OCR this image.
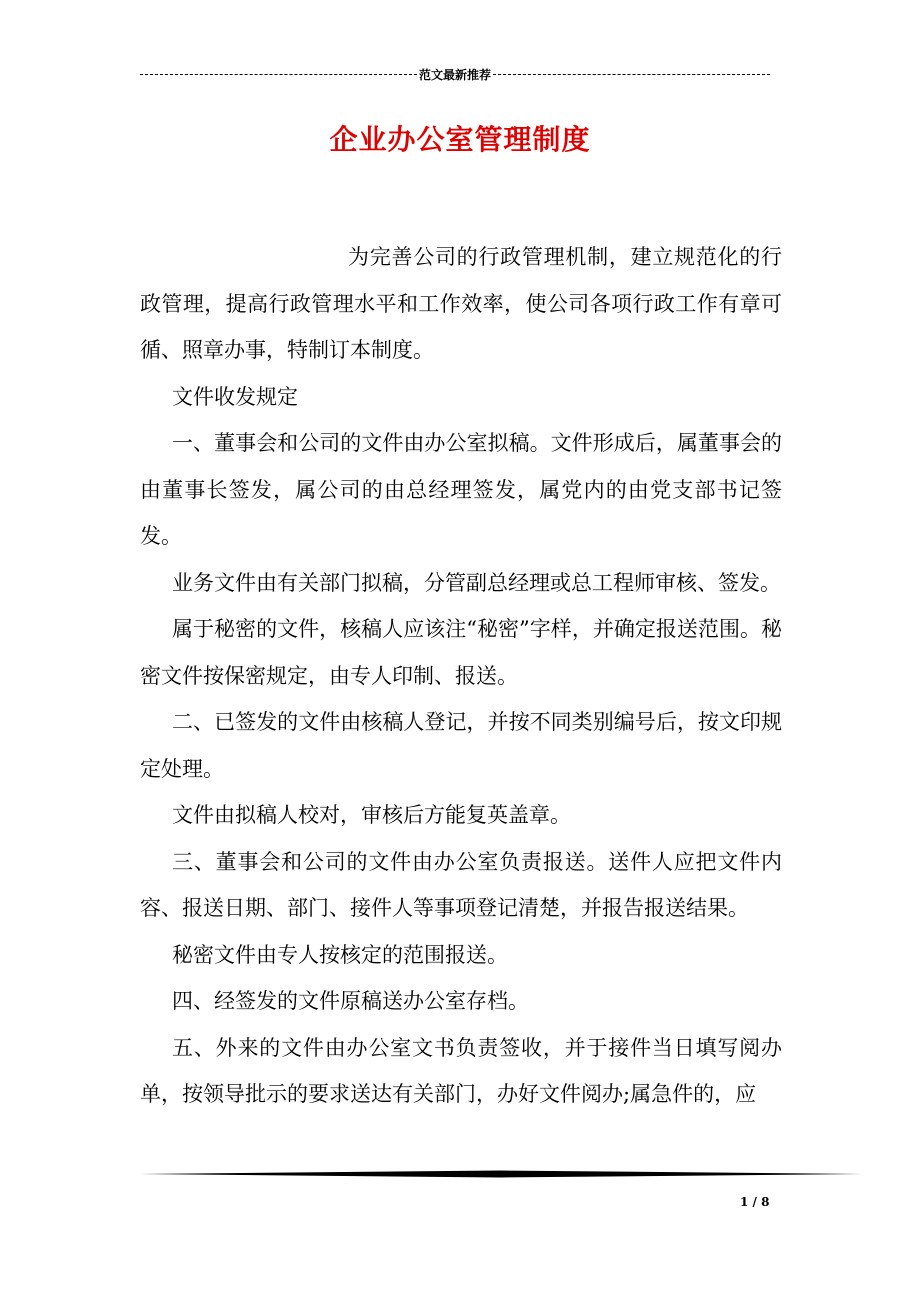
范文最新推荐
企业办公室管理制度

为完善公司的行政管理机制，建立规范化的行政管理，提高行政管理水平和工作效率，使公司各项行政工作有章可循、照章办事，特制订本制度。

文件收发规定

一、董事会和公司的文件由办公室拟稿。文件形成后，属董事会的由董事长签发，属公司的由总经理签发，属党内的由党支部书记签发。

业务文件由有关部门拟稿，分管副总经理或总工程师审核、签发。

属于秘密的文件，核稿人应该注“秘密”字样，并确定报送范围。秘密文件按保密规定，由专人印制、报送。

二、已签发的文件由核稿人登记，并按不同类别编号后，按文印规定处理。

文件由拟稿人校对，审核后方能复英盖章。

三、董事会和公司的文件由办公室负责报送。送件人应把文件内容、报送日期、部门、接件人等事项登记清楚，并报告报送结果。

秘密文件由专人按核定的范围报送。

四、经签发的文件原稿送办公室存档。

五、外来的文件由办公室文书负责签收，并于接件当日填写阅办单，按领导批示的要求送达有关部门，办好文件阅办;属急件的，应

1 / 8
